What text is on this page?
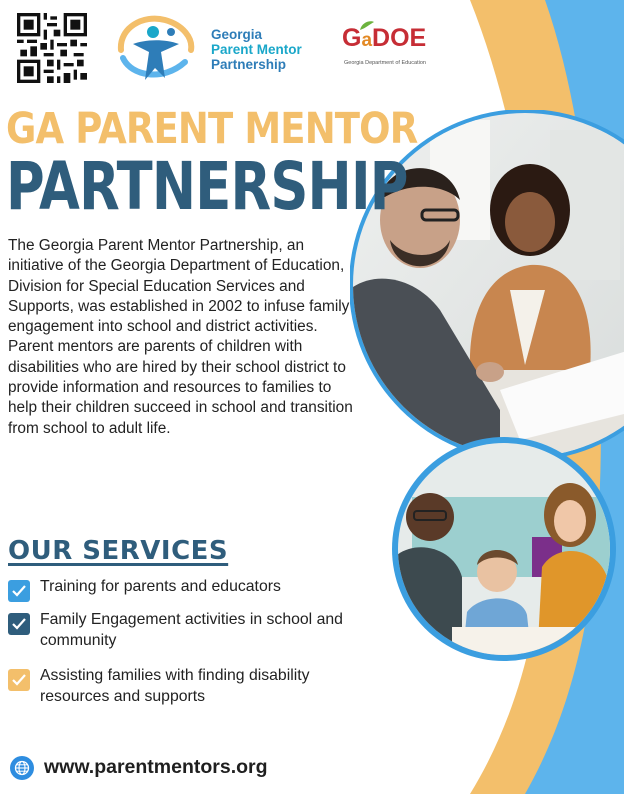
Georgia
Parent Mentor
Partnership
GaDOE
Georgia Department of Education
GA PARENT MENTOR
PARTNERSHIP

The Georgia Parent Mentor Partnership, an initiative of the Georgia Department of Education, Division for Special Education Services and Supports, was established in 2002 to infuse family engagement into school and district activities. Parent mentors are parents of children with disabilities who are hired by their school district to provide information and resources to families to help their children succeed in school and transition from school to adult life.

OUR SERVICES
Training for parents and educators
Family Engagement activities in school and community
Assisting families with finding disability resources and supports
www.parentmentors.org
